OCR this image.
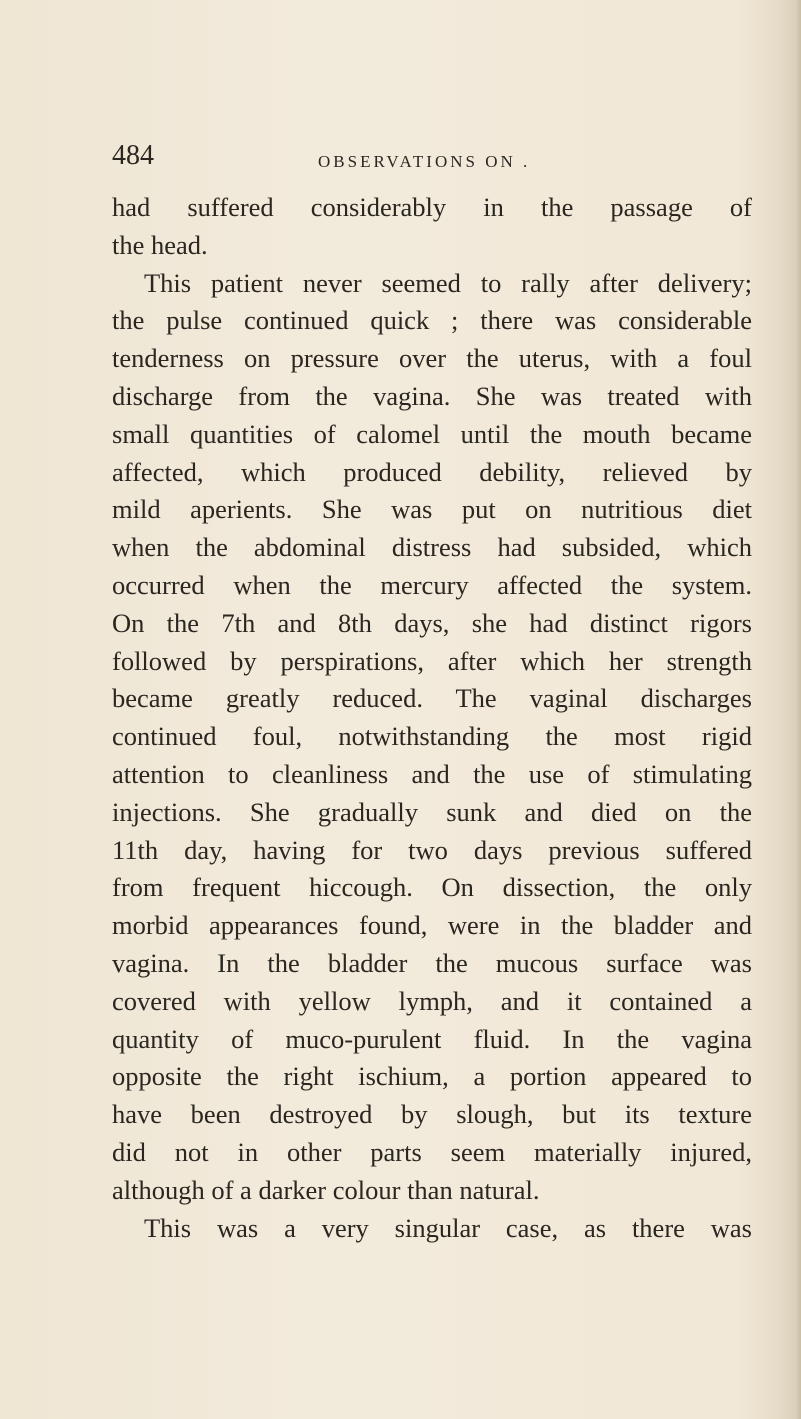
484	OBSERVATIONS ON .
had suffered considerably in the passage of
the head.
This patient never seemed to rally after delivery;
the pulse continued quick ; there was considerable
tenderness on pressure over the uterus, with a foul
discharge from the vagina. She was treated with
small quantities of calomel until the mouth became
affected, which produced debility, relieved by
mild aperients. She was put on nutritious diet
when the abdominal distress had subsided, which
occurred when the mercury affected the system.
On the 7th and 8th days, she had distinct rigors
followed by perspirations, after which her strength
became greatly reduced. The vaginal discharges
continued foul, notwithstanding the most rigid
attention to cleanliness and the use of stimulating
injections. She gradually sunk and died on the
11th day, having for two days previous suffered
from frequent hiccough. On dissection, the only
morbid appearances found, were in the bladder and
vagina. In the bladder the mucous surface was
covered with yellow lymph, and it contained a
quantity of muco-purulent fluid. In the vagina
opposite the right ischium, a portion appeared to
have been destroyed by slough, but its texture
did not in other parts seem materially injured,
although of a darker colour than natural.
This was a very singular case, as there was
